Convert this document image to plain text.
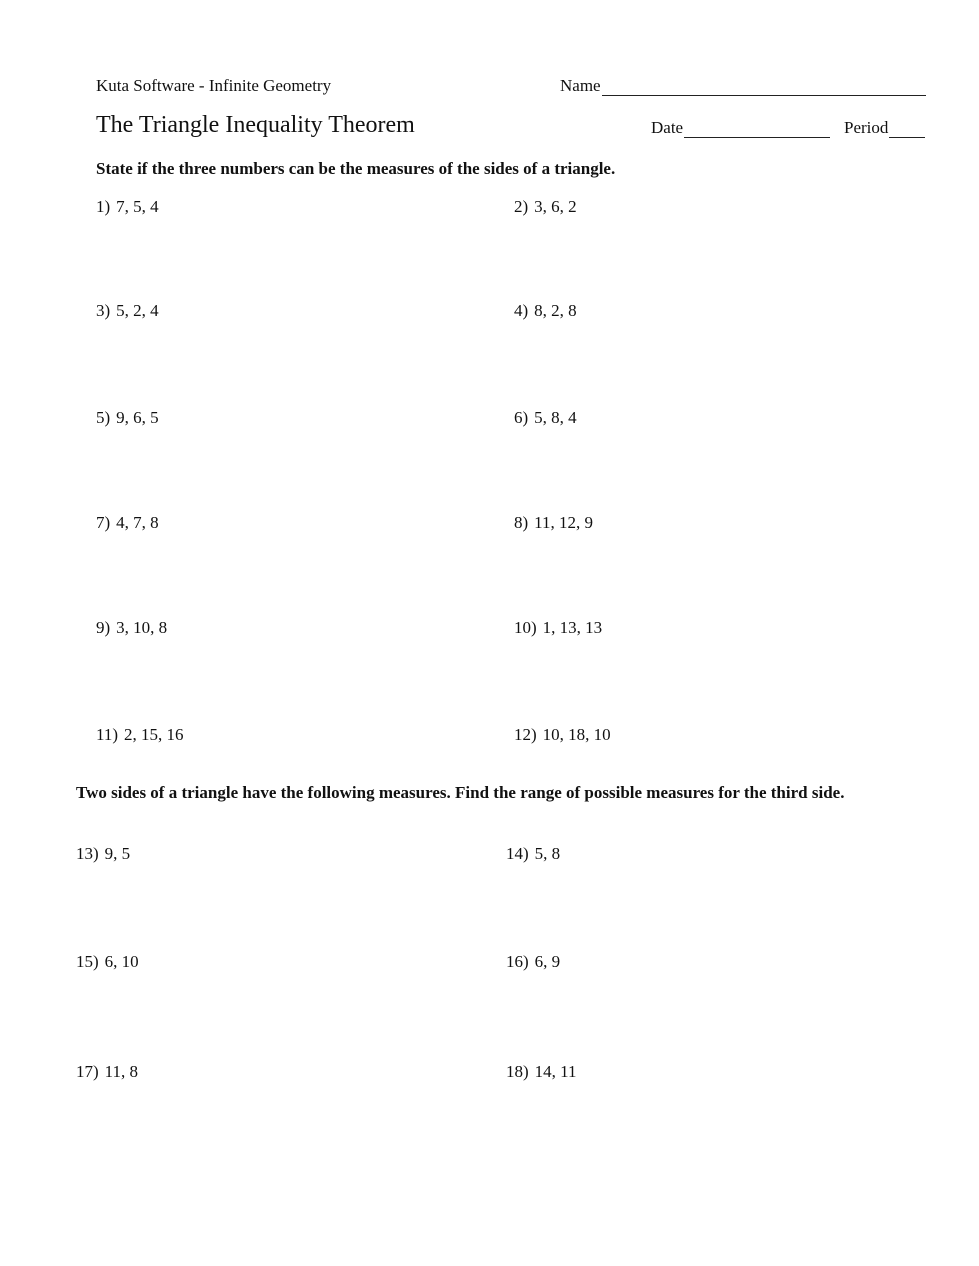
Kuta Software - Infinite Geometry
The Triangle Inequality Theorem
Name
Date	Period
State if the three numbers can be the measures of the sides of a triangle.
1) 7, 5, 4	2) 3, 6, 2
3) 5, 2, 4	4) 8, 2, 8
5) 9, 6, 5	6) 5, 8, 4
7) 4, 7, 8	8) 11, 12, 9
9) 3, 10, 8	10) 1, 13, 13
11) 2, 15, 16	12) 10, 18, 10
Two sides of a triangle have the following measures. Find the range of possible measures for the third side.
13) 9, 5	14) 5, 8
15) 6, 10	16) 6, 9
17) 11, 8	18) 14, 11
